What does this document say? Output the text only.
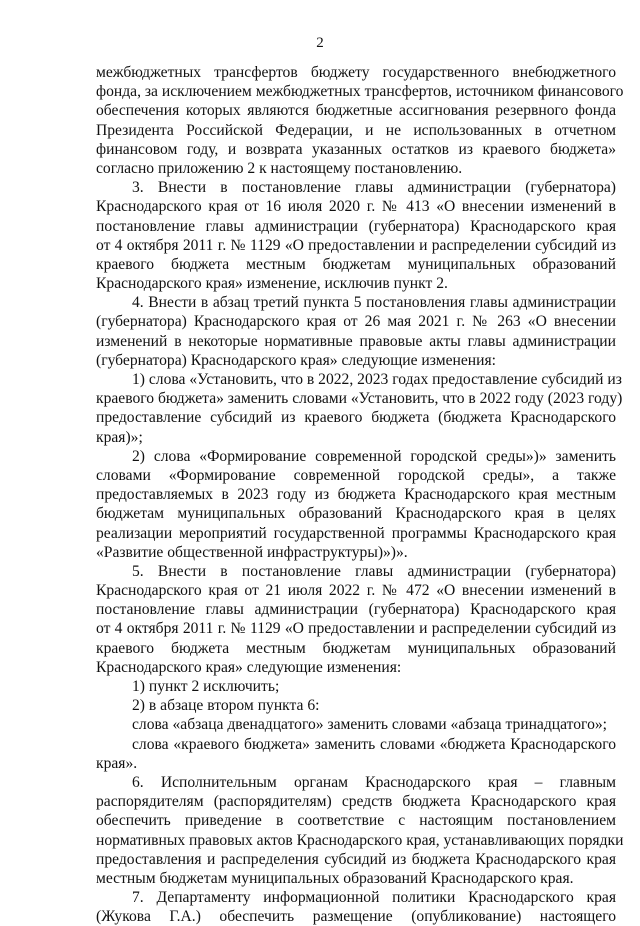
2
межбюджетных трансфертов бюджету государственного внебюджетного
фонда, за исключением межбюджетных трансфертов, источником финансового
обеспечения которых являются бюджетные ассигнования резервного фонда
Президента Российской Федерации, и не использованных в отчетном
финансовом году, и возврата указанных остатков из краевого бюджета»
согласно приложению 2 к настоящему постановлению.
3. Внести в постановление главы администрации (губернатора)
Краснодарского края от 16 июля 2020 г. № 413 «О внесении изменений в
постановление главы администрации (губернатора) Краснодарского края
от 4 октября 2011 г. № 1129 «О предоставлении и распределении субсидий из
краевого бюджета местным бюджетам муниципальных образований
Краснодарского края» изменение, исключив пункт 2.
4. Внести в абзац третий пункта 5 постановления главы администрации
(губернатора) Краснодарского края от 26 мая 2021 г. № 263 «О внесении
изменений в некоторые нормативные правовые акты главы администрации
(губернатора) Краснодарского края» следующие изменения:
1) слова «Установить, что в 2022, 2023 годах предоставление субсидий из
краевого бюджета» заменить словами «Установить, что в 2022 году (2023 году)
предоставление субсидий из краевого бюджета (бюджета Краснодарского
края)»;
2) слова «Формирование современной городской среды»)» заменить
словами «Формирование современной городской среды», а также
предоставляемых в 2023 году из бюджета Краснодарского края местным
бюджетам муниципальных образований Краснодарского края в целях
реализации мероприятий государственной программы Краснодарского края
«Развитие общественной инфраструктуры)»)».
5. Внести в постановление главы администрации (губернатора)
Краснодарского края от 21 июля 2022 г. № 472 «О внесении изменений в
постановление главы администрации (губернатора) Краснодарского края
от 4 октября 2011 г. № 1129 «О предоставлении и распределении субсидий из
краевого бюджета местным бюджетам муниципальных образований
Краснодарского края» следующие изменения:
1) пункт 2 исключить;
2) в абзаце втором пункта 6:
слова «абзаца двенадцатого» заменить словами «абзаца тринадцатого»;
слова «краевого бюджета» заменить словами «бюджета Краснодарского
края».
6. Исполнительным органам Краснодарского края – главным
распорядителям (распорядителям) средств бюджета Краснодарского края
обеспечить приведение в соответствие с настоящим постановлением
нормативных правовых актов Краснодарского края, устанавливающих порядки
предоставления и распределения субсидий из бюджета Краснодарского края
местным бюджетам муниципальных образований Краснодарского края.
7. Департаменту информационной политики Краснодарского края
(Жукова Г.А.) обеспечить размещение (опубликование) настоящего
